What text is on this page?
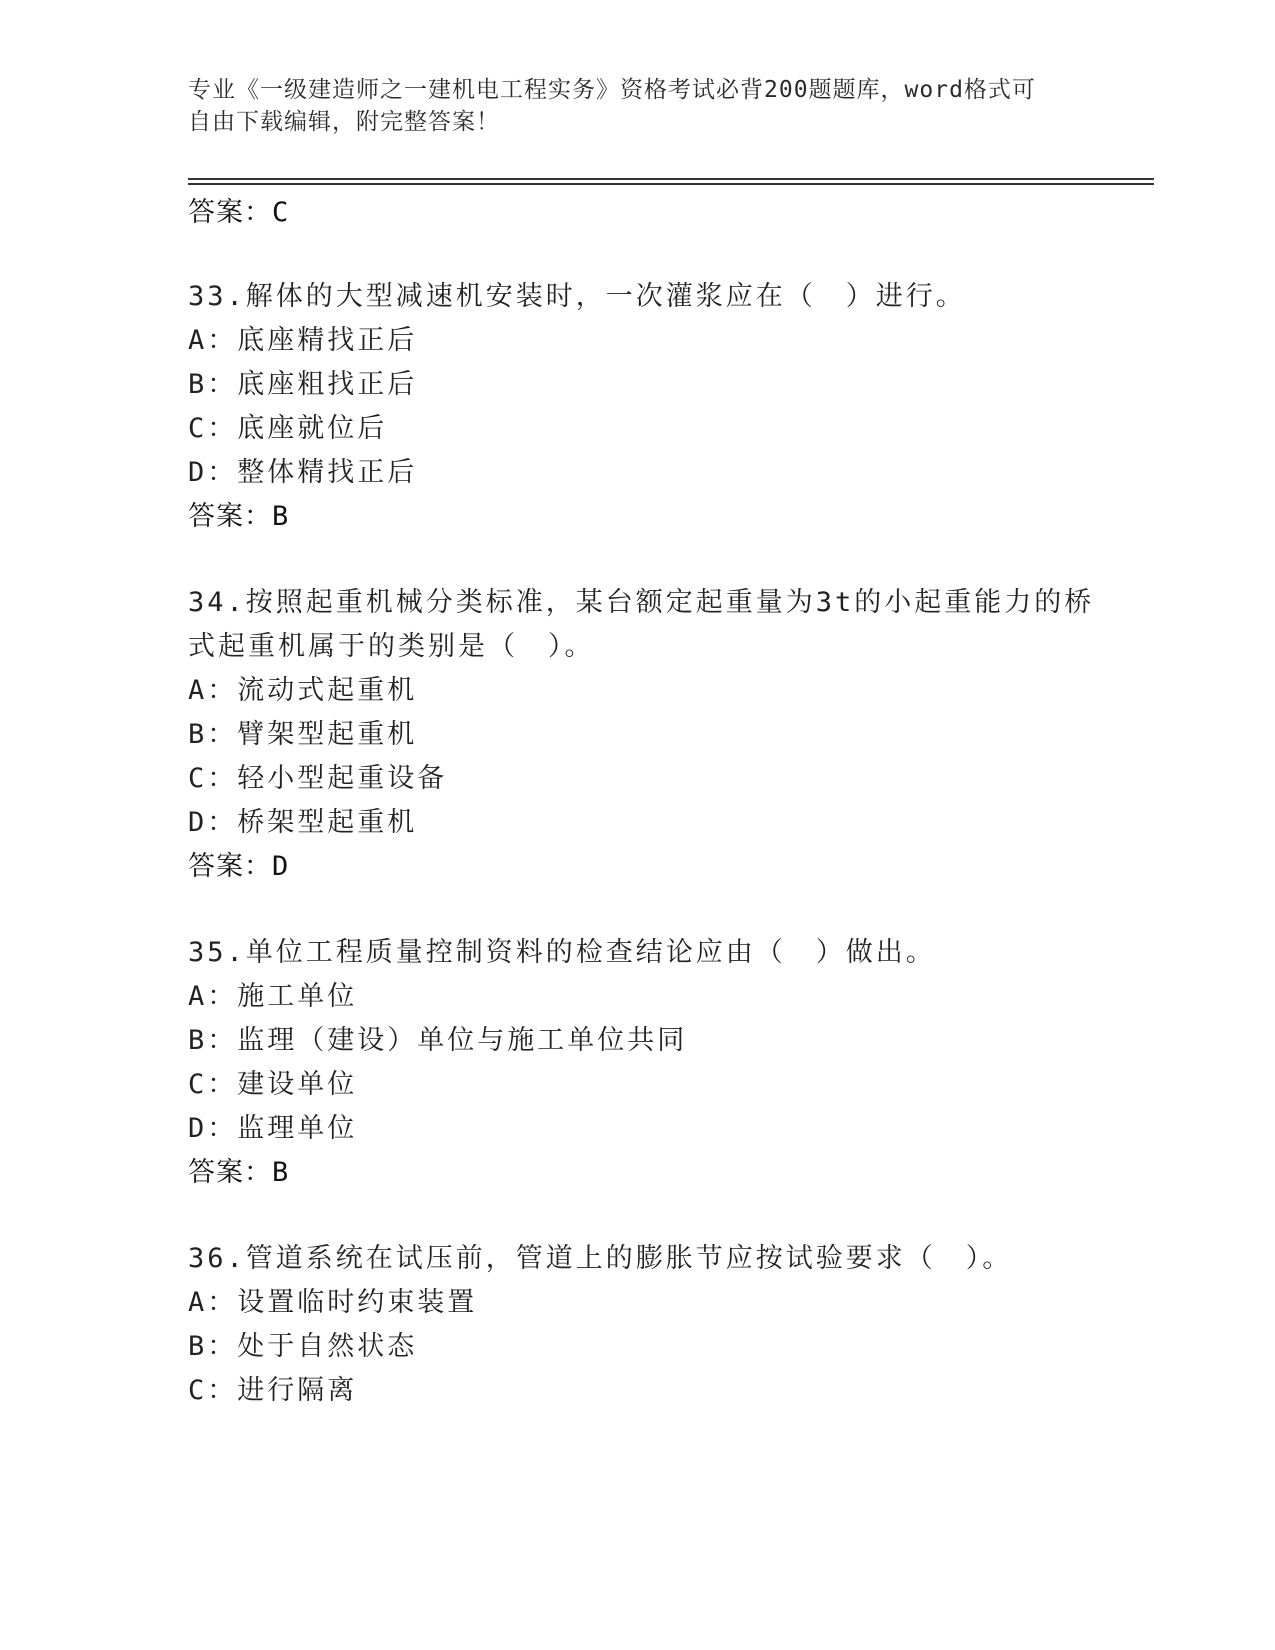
专业《一级建造师之一建机电工程实务》资格考试必背200题题库，word格式可
自由下载编辑，附完整答案！
答案：C
33.解体的大型减速机安装时，一次灌浆应在（　）进行。
A：底座精找正后
B：底座粗找正后
C：底座就位后
D：整体精找正后
答案：B
34.按照起重机械分类标准，某台额定起重量为3t的小起重能力的桥
式起重机属于的类别是（　）。
A：流动式起重机
B：臂架型起重机
C：轻小型起重设备
D：桥架型起重机
答案：D
35.单位工程质量控制资料的检查结论应由（　）做出。
A：施工单位
B：监理（建设）单位与施工单位共同
C：建设单位
D：监理单位
答案：B
36.管道系统在试压前，管道上的膨胀节应按试验要求（　）。
A：设置临时约束装置
B：处于自然状态
C：进行隔离
